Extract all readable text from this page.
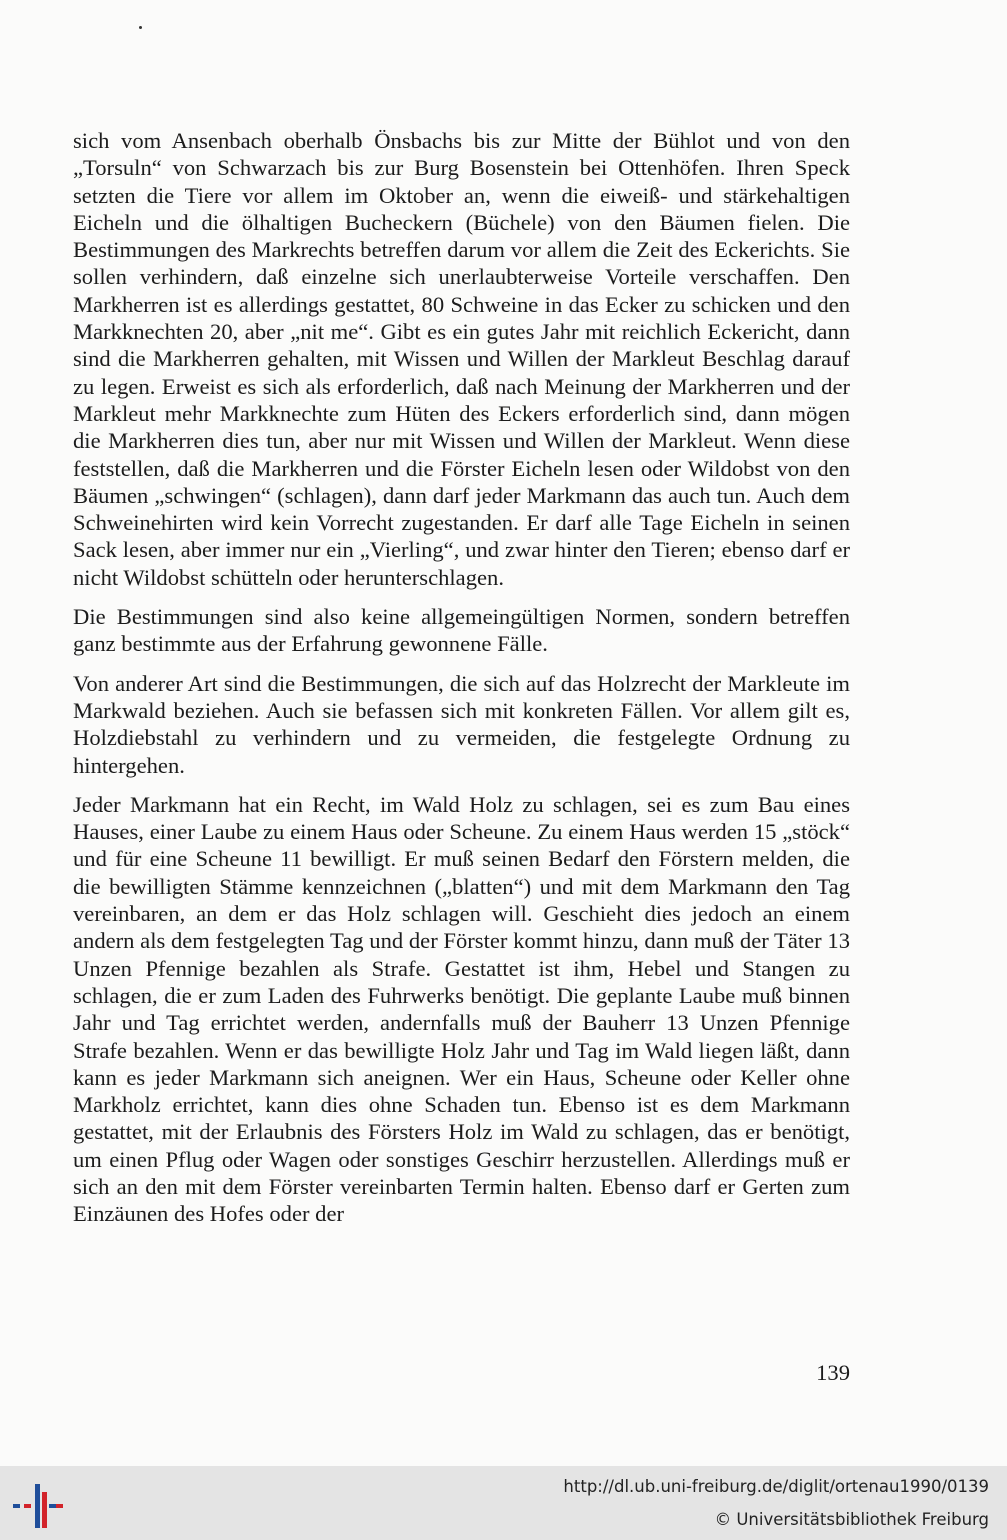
sich vom Ansenbach oberhalb Önsbachs bis zur Mitte der Bühlot und von den „Torsuln“ von Schwarzach bis zur Burg Bosenstein bei Ottenhöfen. Ihren Speck setzten die Tiere vor allem im Oktober an, wenn die eiweiß- und stärkehaltigen Eicheln und die ölhaltigen Bucheckern (Büchele) von den Bäumen fielen. Die Bestimmungen des Markrechts betreffen darum vor allem die Zeit des Eckerichts. Sie sollen verhindern, daß einzelne sich unerlaubterweise Vorteile verschaffen. Den Markherren ist es allerdings gestattet, 80 Schweine in das Ecker zu schicken und den Markknechten 20, aber „nit me“. Gibt es ein gutes Jahr mit reichlich Eckericht, dann sind die Markherren gehalten, mit Wissen und Willen der Markleut Beschlag darauf zu legen. Erweist es sich als erforderlich, daß nach Meinung der Markherren und der Markleut mehr Markknechte zum Hüten des Eckers erforderlich sind, dann mögen die Markherren dies tun, aber nur mit Wissen und Willen der Markleut. Wenn diese feststellen, daß die Markherren und die Förster Eicheln lesen oder Wildobst von den Bäumen „schwingen“ (schlagen), dann darf jeder Markmann das auch tun. Auch dem Schweinehirten wird kein Vorrecht zugestanden. Er darf alle Tage Eicheln in seinen Sack lesen, aber immer nur ein „Vierling“, und zwar hinter den Tieren; ebenso darf er nicht Wildobst schütteln oder herunterschlagen.

Die Bestimmungen sind also keine allgemeingültigen Normen, sondern betreffen ganz bestimmte aus der Erfahrung gewonnene Fälle.

Von anderer Art sind die Bestimmungen, die sich auf das Holzrecht der Markleute im Markwald beziehen. Auch sie befassen sich mit konkreten Fällen. Vor allem gilt es, Holzdiebstahl zu verhindern und zu vermeiden, die festgelegte Ordnung zu hintergehen.

Jeder Markmann hat ein Recht, im Wald Holz zu schlagen, sei es zum Bau eines Hauses, einer Laube zu einem Haus oder Scheune. Zu einem Haus werden 15 „stöck“ und für eine Scheune 11 bewilligt. Er muß seinen Bedarf den Förstern melden, die die bewilligten Stämme kennzeichnen („blatten“) und mit dem Markmann den Tag vereinbaren, an dem er das Holz schlagen will. Geschieht dies jedoch an einem andern als dem festgelegten Tag und der Förster kommt hinzu, dann muß der Täter 13 Unzen Pfennige bezahlen als Strafe. Gestattet ist ihm, Hebel und Stangen zu schlagen, die er zum Laden des Fuhrwerks benötigt. Die geplante Laube muß binnen Jahr und Tag errichtet werden, andernfalls muß der Bauherr 13 Unzen Pfennige Strafe bezahlen. Wenn er das bewilligte Holz Jahr und Tag im Wald liegen läßt, dann kann es jeder Markmann sich aneignen. Wer ein Haus, Scheune oder Keller ohne Markholz errichtet, kann dies ohne Schaden tun. Ebenso ist es dem Markmann gestattet, mit der Erlaubnis des Försters Holz im Wald zu schlagen, das er benötigt, um einen Pflug oder Wagen oder sonstiges Geschirr herzustellen. Allerdings muß er sich an den mit dem Förster vereinbarten Termin halten. Ebenso darf er Gerten zum Einzäunen des Hofes oder der

139
http://dl.ub.uni-freiburg.de/diglit/ortenau1990/0139
© Universitätsbibliothek Freiburg
